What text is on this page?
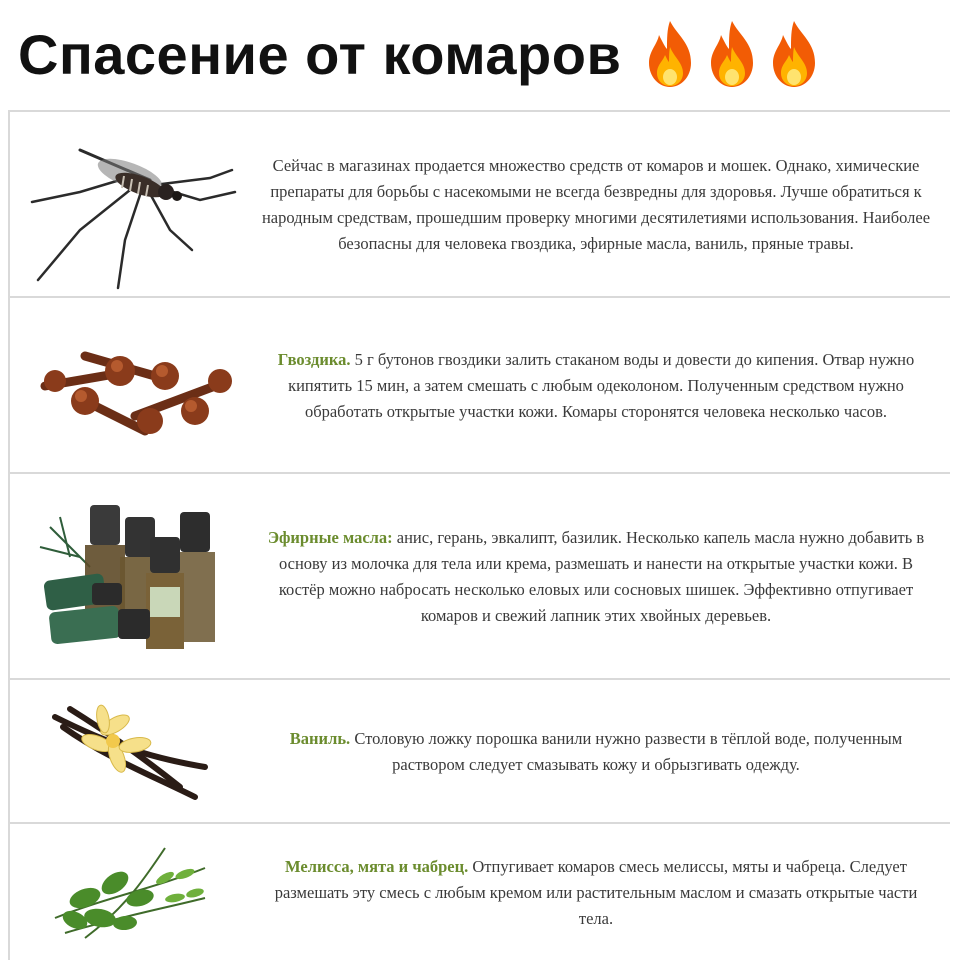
Спасение от комаров
Сейчас в магазинах продается множество средств от комаров и мошек. Однако, химические препараты для борьбы с насекомыми не всегда безвредны для здоровья. Лучше обратиться к народным средствам, прошедшим проверку многими десятилетиями использования. Наиболее безопасны для человека гвоздика, эфирные масла, ваниль, пряные травы.
Гвоздика. 5 г бутонов гвоздики залить стаканом воды и довести до кипения. Отвар нужно кипятить 15 мин, а затем смешать с любым одеколоном. Полученным средством нужно обработать открытые участки кожи. Комары сторонятся человека несколько часов.
Эфирные масла: анис, герань, эвкалипт, базилик. Несколько капель масла нужно добавить в основу из молочка для тела или крема, размешать и нанести на открытые участки кожи. В костёр можно набросать несколько еловых или сосновых шишек. Эффективно отпугивает комаров и свежий лапник этих хвойных деревьев.
Ваниль. Столовую ложку порошка ванили нужно развести в тёплой воде, полученным раствором следует смазывать кожу и обрызгивать одежду.
Мелисса, мята и чабрец. Отпугивает комаров смесь мелиссы, мяты и чабреца. Следует размешать эту смесь с любым кремом или растительным маслом и смазать открытые части тела.
